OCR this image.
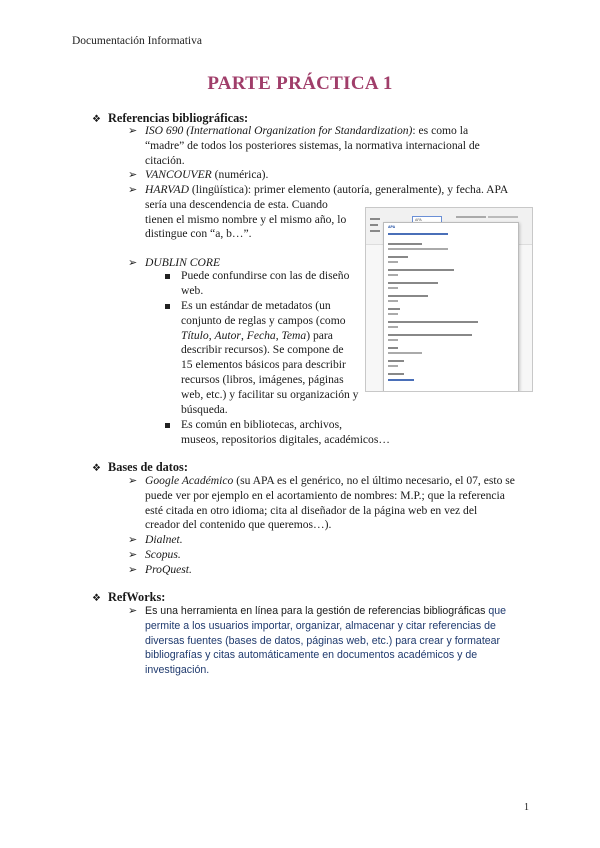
Documentación Informativa
PARTE PRÁCTICA 1
❖ Referencias bibliográficas:
➢ ISO 690 (International Organization for Standardization): es como la
“madre” de todos los posteriores sistemas, la normativa internacional de
citación.
➢ VANCOUVER (numérica).
➢ HARVAD (lingüística): primer elemento (autoría, generalmente), y fecha. APA
sería una descendencia de esta. Cuando
tienen el mismo nombre y el mismo año, lo
distingue con “a, b…”.
APA
APA
➢ DUBLIN CORE
Puede confundirse con las de diseño
web.
Es un estándar de metadatos (un
conjunto de reglas y campos (como
Título, Autor, Fecha, Tema) para
describir recursos). Se compone de
15 elementos básicos para describir
recursos (libros, imágenes, páginas
web, etc.) y facilitar su organización y
búsqueda.
Es común en bibliotecas, archivos,
museos, repositorios digitales, académicos…
❖ Bases de datos:
➢ Google Académico (su APA es el genérico, no el último necesario, el 07, esto se
puede ver por ejemplo en el acortamiento de nombres: M.P.; que la referencia
esté citada en otro idioma; cita al diseñador de la página web en vez del
creador del contenido que queremos…).
➢ Dialnet.
➢ Scopus.
➢ ProQuest.
❖ RefWorks:
➢ Es una herramienta en línea para la gestión de referencias bibliográficas que
permite a los usuarios importar, organizar, almacenar y citar referencias de
diversas fuentes (bases de datos, páginas web, etc.) para crear y formatear
bibliografías y citas automáticamente en documentos académicos y de
investigación.
1
